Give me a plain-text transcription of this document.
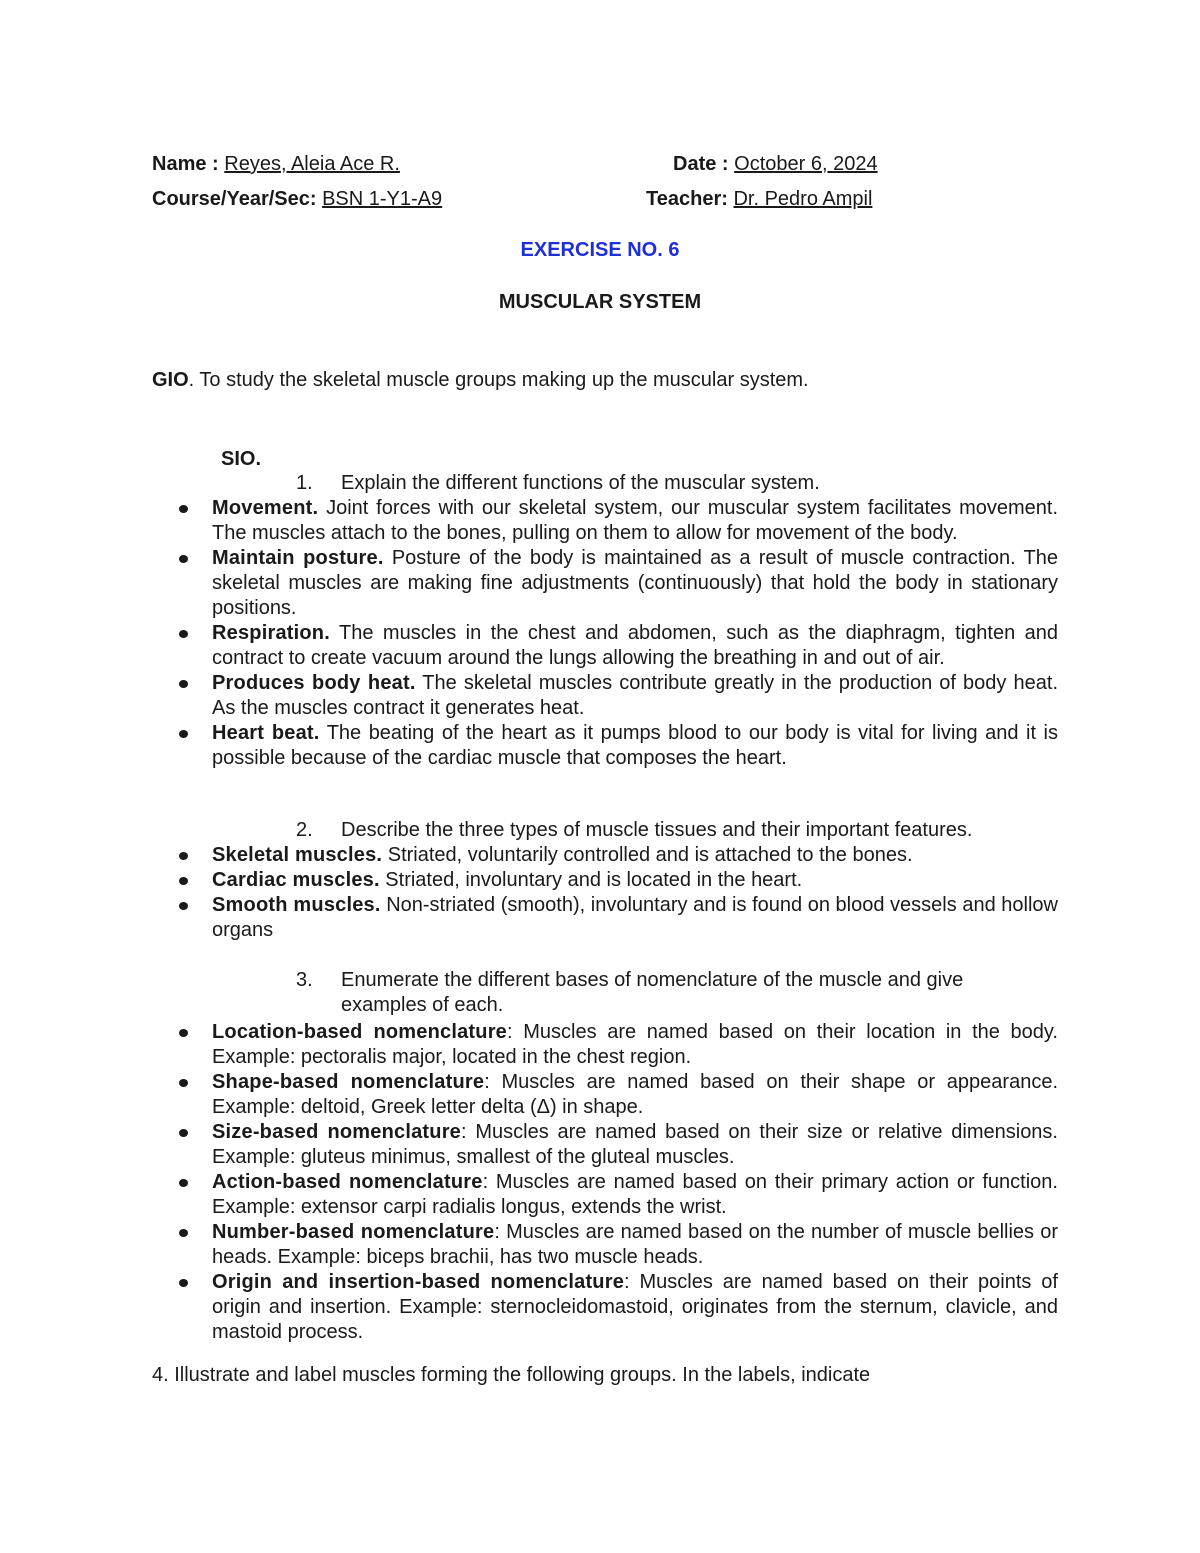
Name : Reyes, Aleia Ace R.	Date : October 6, 2024
Course/Year/Sec: BSN 1-Y1-A9	Teacher: Dr. Pedro Ampil
EXERCISE NO. 6
MUSCULAR SYSTEM
GIO. To study the skeletal muscle groups making up the muscular system.
SIO.
1. Explain the different functions of the muscular system.
Movement. Joint forces with our skeletal system, our muscular system facilitates movement. The muscles attach to the bones, pulling on them to allow for movement of the body.
Maintain posture. Posture of the body is maintained as a result of muscle contraction. The skeletal muscles are making fine adjustments (continuously) that hold the body in stationary positions.
Respiration. The muscles in the chest and abdomen, such as the diaphragm, tighten and contract to create vacuum around the lungs allowing the breathing in and out of air.
Produces body heat. The skeletal muscles contribute greatly in the production of body heat. As the muscles contract it generates heat.
Heart beat. The beating of the heart as it pumps blood to our body is vital for living and it is possible because of the cardiac muscle that composes the heart.
2. Describe the three types of muscle tissues and their important features.
Skeletal muscles. Striated, voluntarily controlled and is attached to the bones.
Cardiac muscles. Striated, involuntary and is located in the heart.
Smooth muscles. Non-striated (smooth), involuntary and is found on blood vessels and hollow organs
3. Enumerate the different bases of nomenclature of the muscle and give examples of each.
Location-based nomenclature: Muscles are named based on their location in the body. Example: pectoralis major, located in the chest region.
Shape-based nomenclature: Muscles are named based on their shape or appearance. Example: deltoid, Greek letter delta (Δ) in shape.
Size-based nomenclature: Muscles are named based on their size or relative dimensions. Example: gluteus minimus, smallest of the gluteal muscles.
Action-based nomenclature: Muscles are named based on their primary action or function. Example: extensor carpi radialis longus, extends the wrist.
Number-based nomenclature: Muscles are named based on the number of muscle bellies or heads. Example: biceps brachii, has two muscle heads.
Origin and insertion-based nomenclature: Muscles are named based on their points of origin and insertion. Example: sternocleidomastoid, originates from the sternum, clavicle, and mastoid process.
4. Illustrate and label muscles forming the following groups. In the labels, indicate
